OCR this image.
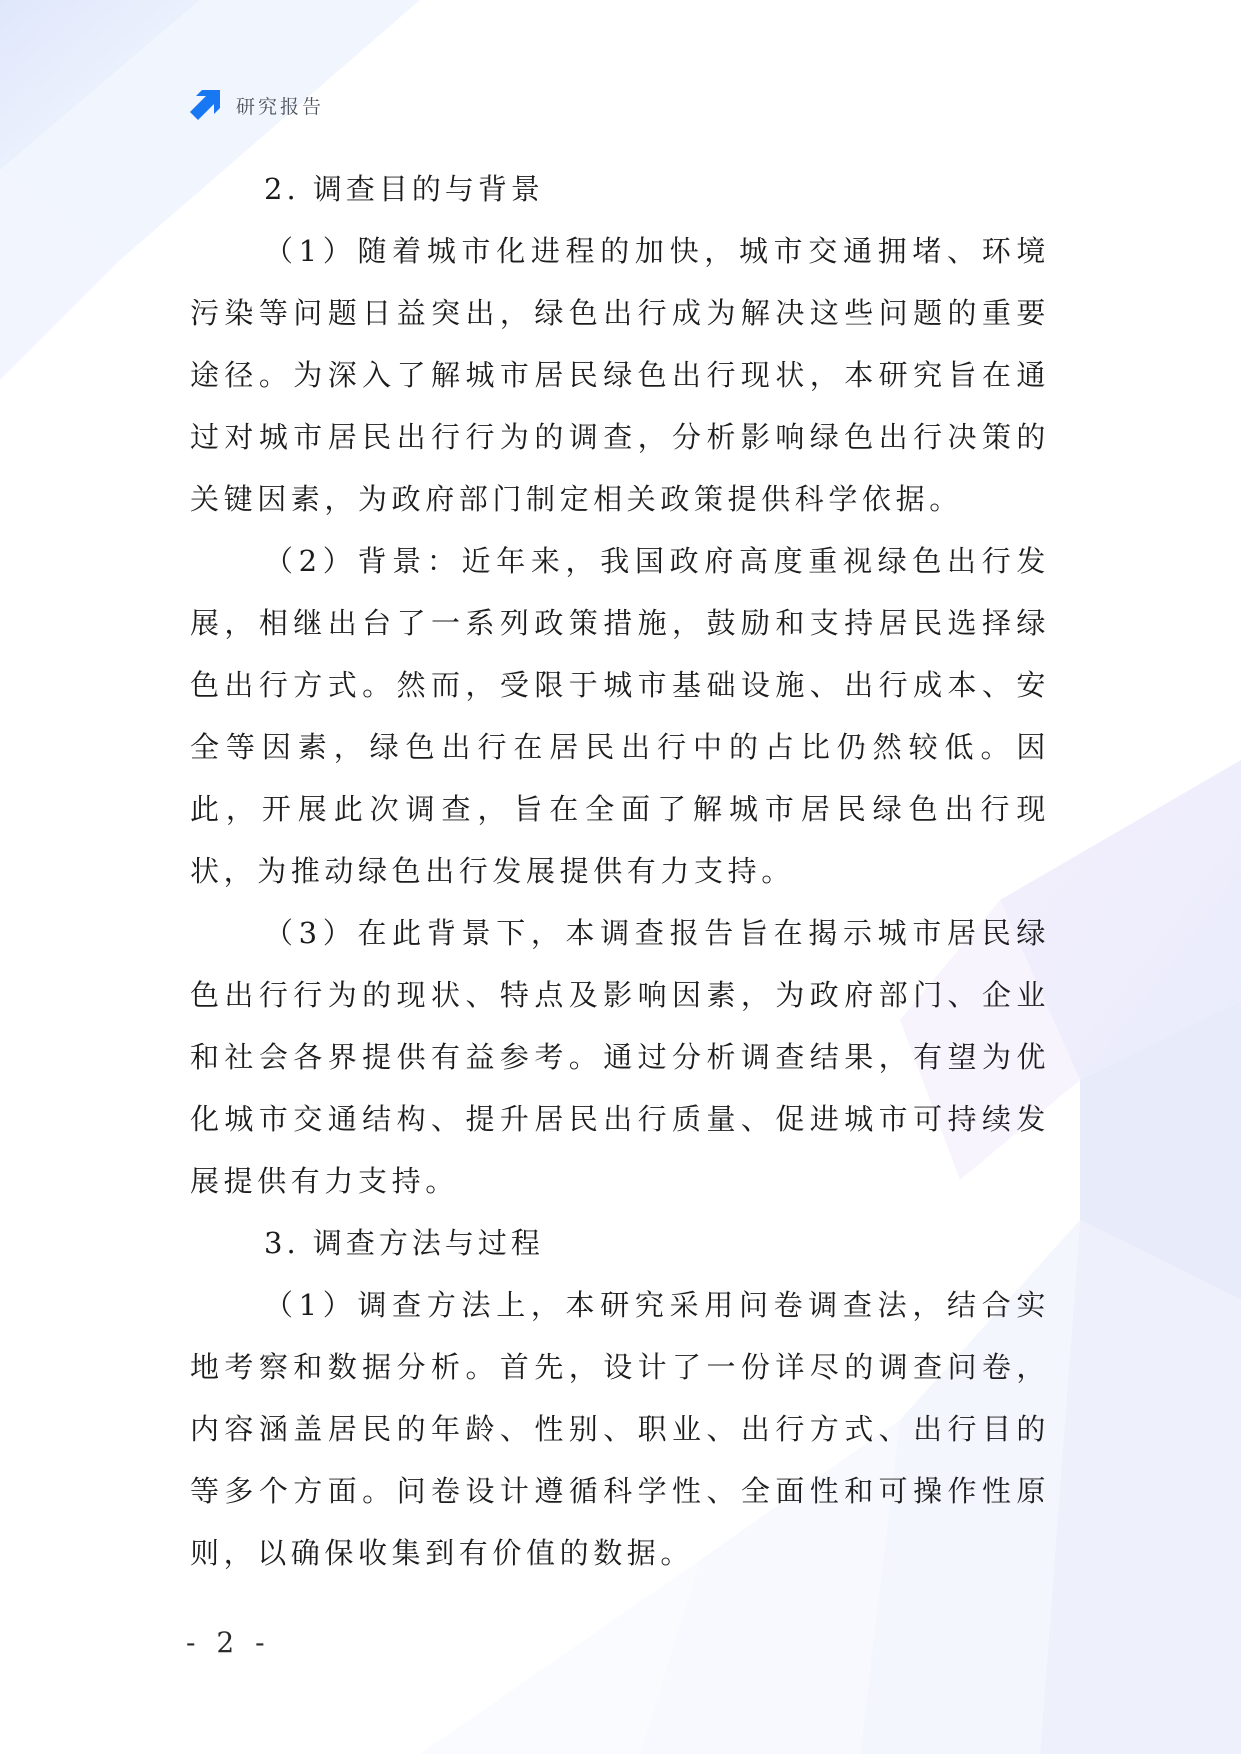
研究报告

2. 调查目的与背景

（1）随着城市化进程的加快，城市交通拥堵、环境污染等问题日益突出，绿色出行成为解决这些问题的重要途径。为深入了解城市居民绿色出行现状，本研究旨在通过对城市居民出行行为的调查，分析影响绿色出行决策的关键因素，为政府部门制定相关政策提供科学依据。

（2）背景：近年来，我国政府高度重视绿色出行发展，相继出台了一系列政策措施，鼓励和支持居民选择绿色出行方式。然而，受限于城市基础设施、出行成本、安全等因素，绿色出行在居民出行中的占比仍然较低。因此，开展此次调查，旨在全面了解城市居民绿色出行现状，为推动绿色出行发展提供有力支持。

（3）在此背景下，本调查报告旨在揭示城市居民绿色出行行为的现状、特点及影响因素，为政府部门、企业和社会各界提供有益参考。通过分析调查结果，有望为优化城市交通结构、提升居民出行质量、促进城市可持续发展提供有力支持。

3. 调查方法与过程

（1）调查方法上，本研究采用问卷调查法，结合实地考察和数据分析。首先，设计了一份详尽的调查问卷，内容涵盖居民的年龄、性别、职业、出行方式、出行目的等多个方面。问卷设计遵循科学性、全面性和可操作性原则，以确保收集到有价值的数据。

- 2 -
